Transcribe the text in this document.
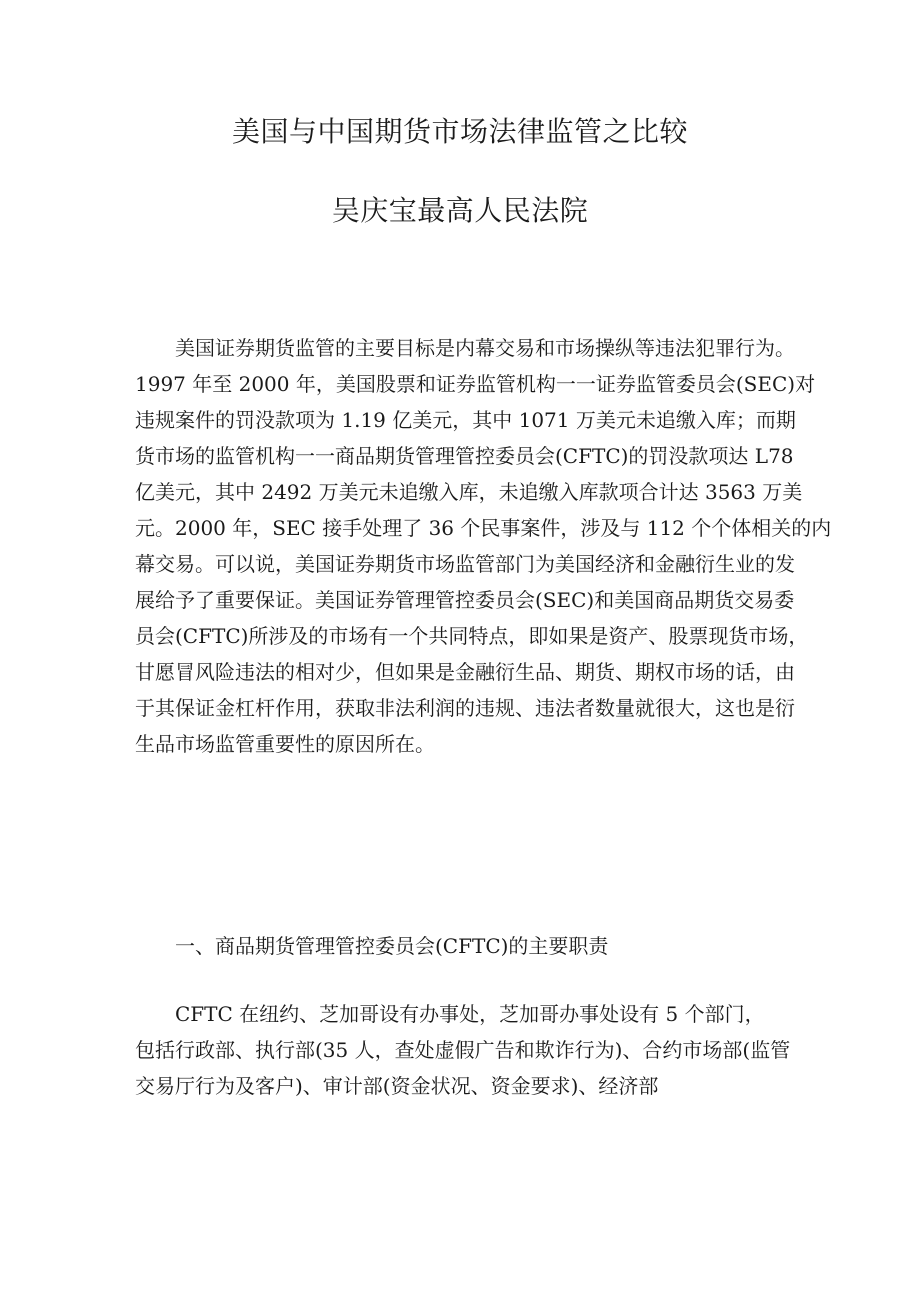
美国与中国期货市场法律监管之比较
吴庆宝最高人民法院

美国证券期货监管的主要目标是内幕交易和市场操纵等违法犯罪行为。
1997 年至 2000 年，美国股票和证券监管机构一一证券监管委员会(SEC)对
违规案件的罚没款项为 1.19 亿美元，其中 1071 万美元未追缴入库；而期
货市场的监管机构一一商品期货管理管控委员会(CFTC)的罚没款项达 L78
亿美元，其中 2492 万美元未追缴入库，未追缴入库款项合计达 3563 万美
元。2000 年，SEC 接手处理了 36 个民事案件，涉及与 112 个个体相关的内
幕交易。可以说，美国证券期货市场监管部门为美国经济和金融衍生业的发
展给予了重要保证。美国证券管理管控委员会(SEC)和美国商品期货交易委
员会(CFTC)所涉及的市场有一个共同特点，即如果是资产、股票现货市场，
甘愿冒风险违法的相对少，但如果是金融衍生品、期货、期权市场的话，由
于其保证金杠杆作用，获取非法利润的违规、违法者数量就很大，这也是衍
生品市场监管重要性的原因所在。

一、商品期货管理管控委员会(CFTC)的主要职责

CFTC 在纽约、芝加哥设有办事处，芝加哥办事处设有 5 个部门，
包括行政部、执行部(35 人，查处虚假广告和欺诈行为)、合约市场部(监管
交易厅行为及客户)、审计部(资金状况、资金要求)、经济部
